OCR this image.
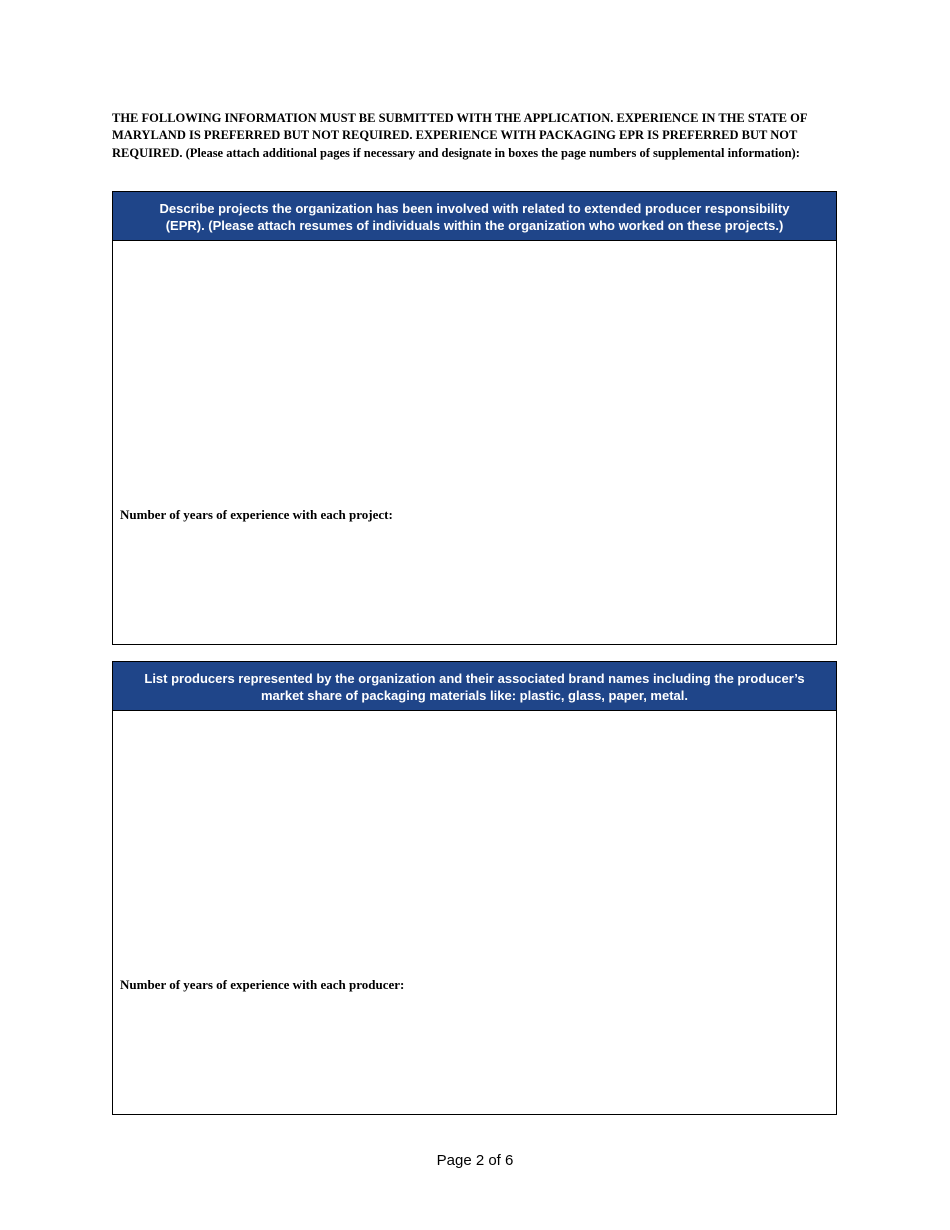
THE FOLLOWING INFORMATION MUST BE SUBMITTED WITH THE APPLICATION. EXPERIENCE IN THE STATE OF MARYLAND IS PREFERRED BUT NOT REQUIRED. EXPERIENCE WITH PACKAGING EPR IS PREFERRED BUT NOT REQUIRED. (Please attach additional pages if necessary and designate in boxes the page numbers of supplemental information):
Describe projects the organization has been involved with related to extended producer responsibility
(EPR). (Please attach resumes of individuals within the organization who worked on these projects.)
Number of years of experience with each project:
List producers represented by the organization and their associated brand names including the producer’s
market share of packaging materials like: plastic, glass, paper, metal.
Number of years of experience with each producer:
Page 2 of 6
